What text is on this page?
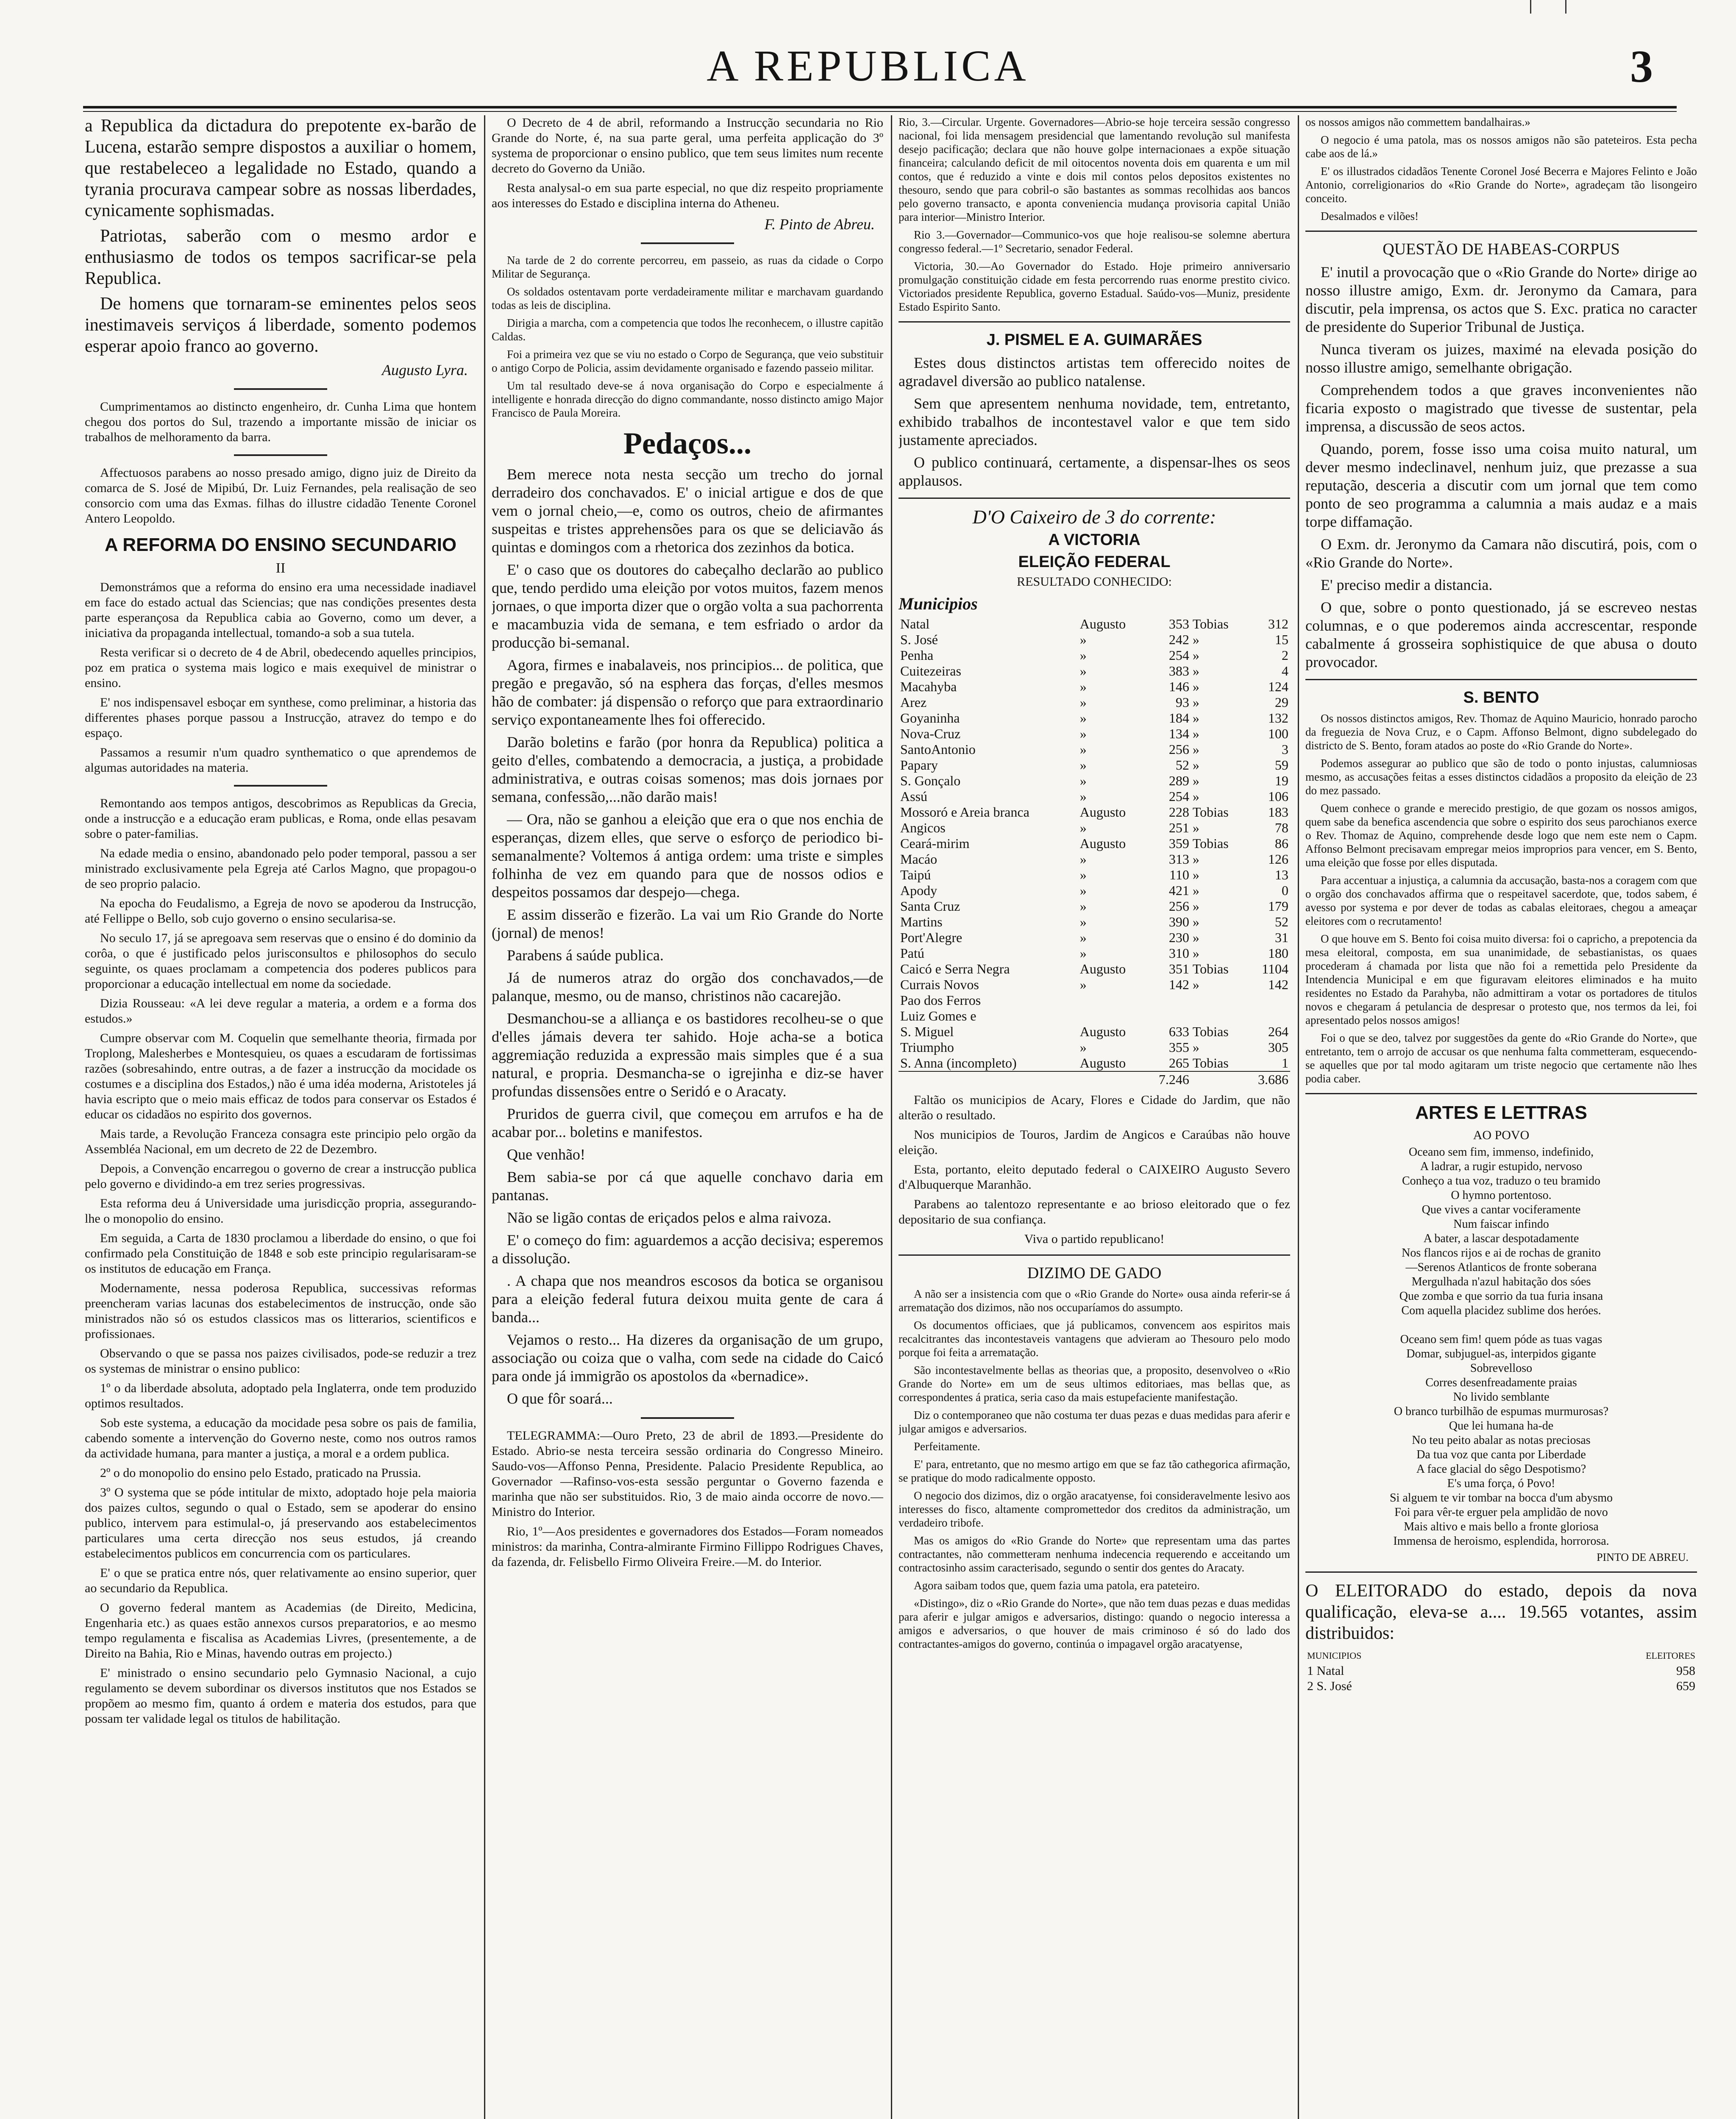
A REPUBLICA	3

a Republica da dictadura do prepotente ex-barão de Lucena, estarão sempre dispostos a auxiliar o homem, que restabeleceo a legalidade no Estado, quando a tyrania procurava campear sobre as nossas liberdades, cynicamente sophismadas.

Patriotas, saberão com o mesmo ardor e enthusiasmo de todos os tempos sacrificar-se pela Republica.

De homens que tornaram-se eminentes pelos seos inestimaveis serviços á liberdade, somento podemos esperar apoio franco ao governo.

Augusto Lyra.

Cumprimentamos ao distincto engenheiro, dr. Cunha Lima que hontem chegou dos portos do Sul, trazendo a importante missão de iniciar os trabalhos de melhoramento da barra.

Affectuosos parabens ao nosso presado amigo, digno juiz de Direito da comarca de S. José de Mipibú, Dr. Luiz Fernandes, pela realisação de seo consorcio com uma das Exmas. filhas do illustre cidadão Tenente Coronel Antero Leopoldo.

A REFORMA DO ENSINO SECUNDARIO
II

Demonstrámos que a reforma do ensino era uma necessidade inadiavel em face do estado actual das Sciencias; que nas condições presentes desta parte esperançosa da Republica cabia ao Governo, como um dever, a iniciativa da propaganda intellectual, tomando-a sob a sua tutela.

Resta verificar si o decreto de 4 de Abril, obedecendo aquelles principios, poz em pratica o systema mais logico e mais exequivel de ministrar o ensino.

E' nos indispensavel esboçar em synthese, como preliminar, a historia das differentes phases porque passou a Instrucção, atravez do tempo e do espaço.

Passamos a resumir n'um quadro synthematico o que aprendemos de algumas autoridades na materia.

Remontando aos tempos antigos, descobrimos as Republicas da Grecia, onde a instrucção e a educação eram publicas, e Roma, onde ellas pesavam sobre o pater-familias.

Na edade media o ensino, abandonado pelo poder temporal, passou a ser ministrado exclusivamente pela Egreja até Carlos Magno, que propagou-o de seo proprio palacio.

Na epocha do Feudalismo, a Egreja de novo se apoderou da Instrucção, até Fellippe o Bello, sob cujo governo o ensino secularisa-se.

No seculo 17, já se apregoava sem reservas que o ensino é do dominio da corôa, o que é justificado pelos jurisconsultos e philosophos do seculo seguinte, os quaes proclamam a competencia dos poderes publicos para proporcionar a educação intellectual em nome da sociedade.

Dizia Rousseau: «A lei deve regular a materia, a ordem e a forma dos estudos.»

Cumpre observar com M. Coquelin que semelhante theoria, firmada por Troplong, Malesherbes e Montesquieu, os quaes a escudaram de fortissimas razões (sobresahindo, entre outras, a de fazer a instrucção da mocidade os costumes e a disciplina dos Estados,) não é uma idéa moderna, Aristoteles já havia escripto que o meio mais efficaz de todos para conservar os Estados é educar os cidadãos no espirito dos governos.

Mais tarde, a Revolução Franceza consagra este principio pelo orgão da Assembléa Nacional, em um decreto de 22 de Dezembro.

Depois, a Convenção encarregou o governo de crear a instrucção publica pelo governo e dividindo-a em trez series progressivas.

Esta reforma deu á Universidade uma jurisdicção propria, assegurando-lhe o monopolio do ensino.

Em seguida, a Carta de 1830 proclamou a liberdade do ensino, o que foi confirmado pela Constituição de 1848 e sob este principio regularisaram-se os institutos de educação em França.

Modernamente, nessa poderosa Republica, successivas reformas preencheram varias lacunas dos estabelecimentos de instrucção, onde são ministrados não só os estudos classicos mas os litterarios, scientificos e profissionaes.

Observando o que se passa nos paizes civilisados, pode-se reduzir a trez os systemas de ministrar o ensino publico:

1º o da liberdade absoluta, adoptado pela Inglaterra, onde tem produzido optimos resultados.

Sob este systema, a educação da mocidade pesa sobre os pais de familia, cabendo somente a intervenção do Governo neste, como nos outros ramos da actividade humana, para manter a justiça, a moral e a ordem publica.

2º o do monopolio do ensino pelo Estado, praticado na Prussia.

3º O systema que se póde intitular de mixto, adoptado hoje pela maioria dos paizes cultos, segundo o qual o Estado, sem se apoderar do ensino publico, intervem para estimulal-o, já preservando aos estabelecimentos particulares uma certa direcção nos seus estudos, já creando estabelecimentos publicos em concurrencia com os particulares.

E' o que se pratica entre nós, quer relativamente ao ensino superior, quer ao secundario da Republica.

O governo federal mantem as Academias (de Direito, Medicina, Engenharia etc.) as quaes estão annexos cursos preparatorios, e ao mesmo tempo regulamenta e fiscalisa as Academias Livres, (presentemente, a de Direito na Bahia, Rio e Minas, havendo outras em projecto.)

E' ministrado o ensino secundario pelo Gymnasio Nacional, a cujo regulamento se devem subordinar os diversos institutos que nos Estados se propõem ao mesmo fim, quanto á ordem e materia dos estudos, para que possam ter validade legal os titulos de habilitação.

O Decreto de 4 de abril, reformando a Instrucção secundaria no Rio Grande do Norte, é, na sua parte geral, uma perfeita applicação do 3º systema de proporcionar o ensino publico, que tem seus limites num recente decreto do Governo da União.

Resta analysal-o em sua parte especial, no que diz respeito propriamente aos interesses do Estado e disciplina interna do Atheneu.

F. Pinto de Abreu.

Na tarde de 2 do corrente percorreu, em passeio, as ruas da cidade o Corpo Militar de Segurança.

Os soldados ostentavam porte verdadeiramente militar e marchavam guardando todas as leis de disciplina.

Dirigia a marcha, com a competencia que todos lhe reconhecem, o illustre capitão Caldas.

Foi a primeira vez que se viu no estado o Corpo de Segurança, que veio substituir o antigo Corpo de Policia, assim devidamente organisado e fazendo passeio militar.

Um tal resultado deve-se á nova organisação do Corpo e especialmente á intelligente e honrada direcção do digno commandante, nosso distincto amigo Major Francisco de Paula Moreira.

Pedaços...

Bem merece nota nesta secção um trecho do jornal derradeiro dos conchavados. E' o inicial artigue e dos de que vem o jornal cheio,—e, como os outros, cheio de afirmantes suspeitas e tristes apprehensões para os que se deliciavão ás quintas e domingos com a rhetorica dos zezinhos da botica.

E' o caso que os doutores do cabeçalho declarão ao publico que, tendo perdido uma eleição por votos muitos, fazem menos jornaes, o que importa dizer que o orgão volta a sua pachorrenta e macambuzia vida de semana, e tem esfriado o ardor da producção bi-semanal.

Agora, firmes e inabalaveis, nos principios... de politica, que pregão e pregavão, só na esphera das forças, d'elles mesmos hão de combater: já dispensão o reforço que para extraordinario serviço expontaneamente lhes foi offerecido.

Darão boletins e farão (por honra da Republica) politica a geito d'elles, combatendo a democracia, a justiça, a probidade administrativa, e outras coisas somenos; mas dois jornaes por semana, confessão,...não darão mais!

— Ora, não se ganhou a eleição que era o que nos enchia de esperanças, dizem elles, que serve o esforço de periodico bi-semanalmente? Voltemos á antiga ordem: uma triste e simples folhinha de vez em quando para que de nossos odios e despeitos possamos dar despejo—chega.

E assim disserão e fizerão. La vai um Rio Grande do Norte (jornal) de menos!

Parabens á saúde publica.

Já de numeros atraz do orgão dos conchavados,—de palanque, mesmo, ou de manso, christinos não cacarejão.

Desmanchou-se a alliança e os bastidores recolheu-se o que d'elles jámais devera ter sahido. Hoje acha-se a botica aggremiação reduzida a expressão mais simples que é a sua natural, e propria. Desmancha-se o igrejinha e diz-se haver profundas dissensões entre o Seridó e o Aracaty.

Pruridos de guerra civil, que começou em arrufos e ha de acabar por... boletins e manifestos.

Que venhão!

Bem sabia-se por cá que aquelle conchavo daria em pantanas.

Não se ligão contas de eriçados pelos e alma raivoza.

E' o começo do fim: aguardemos a acção decisiva; esperemos a dissolução.

. A chapa que nos meandros escosos da botica se organisou para a eleição federal futura deixou muita gente de cara á banda...

Vejamos o resto... Ha dizeres da organisação de um grupo, associação ou coiza que o valha, com sede na cidade do Caicó para onde já immigrão os apostolos da «bernadice».

O que fôr soará...

TELEGRAMMA:—Ouro Preto, 23 de abril de 1893.—Presidente do Estado. Abrio-se nesta terceira sessão ordinaria do Congresso Mineiro. Saudo-vos—Affonso Penna, Presidente. Palacio Presidente Republica, ao Governador —Rafinso-vos-esta sessão perguntar o Governo fazenda e marinha que não ser substituidos. Rio, 3 de maio ainda occorre de novo.—Ministro do Interior.

Rio, 1º—Aos presidentes e governadores dos Estados—Foram nomeados ministros: da marinha, Contra-almirante Firmino Fillippo Rodrigues Chaves, da fazenda, dr. Felisbello Firmo Oliveira Freire.—M. do Interior.

Rio, 3.—Circular. Urgente. Governadores—Abrio-se hoje terceira sessão congresso nacional, foi lida mensagem presidencial que lamentando revolução sul manifesta desejo pacificação; declara que não houve golpe internacionaes a expõe situação financeira; calculando deficit de mil oitocentos noventa dois em quarenta e um mil contos, que é reduzido a vinte e dois mil contos pelos depositos existentes no thesouro, sendo que para cobril-o são bastantes as sommas recolhidas aos bancos pelo governo transacto, e aponta conveniencia mudança provisoria capital União para interior—Ministro Interior.

Rio 3.—Governador—Communico-vos que hoje realisou-se solemne abertura congresso federal.—1º Secretario, senador Federal.

Victoria, 30.—Ao Governador do Estado. Hoje primeiro anniversario promulgação constituição cidade em festa percorrendo ruas enorme prestito civico. Victoriados presidente Republica, governo Estadual. Saúdo-vos—Muniz, presidente Estado Espirito Santo.

J. PISMEL E A. GUIMARÃES

Estes dous distinctos artistas tem offerecido noites de agradavel diversão ao publico natalense.

Sem que apresentem nenhuma novidade, tem, entretanto, exhibido trabalhos de incontestavel valor e que tem sido justamente apreciados.

O publico continuará, certamente, a dispensar-lhes os seos applausos.

D'O Caixeiro de 3 do corrente:
A VICTORIA
ELEIÇÃO FEDERAL
RESULTADO CONHECIDO:
Municipios
Natal	Augusto	353	Tobias	312
S. José	»	242	»	15
Penha	»	254	»	2
Cuitezeiras	»	383	»	4
Macahyba	»	146	»	124
Arez	»	93	»	29
Goyaninha	»	184	»	132
Nova-Cruz	»	134	»	100
SantoAntonio	»	256	»	3
Papary	»	52	»	59
S. Gonçalo	»	289	»	19
Assú	»	254	»	106
Mossoró e Areia branca	Augusto	228	Tobias	183
Angicos	»	251	»	78
Ceará-mirim	Augusto	359	Tobias	86
Macáo	»	313	»	126
Taipú	»	110	»	13
Apody	»	421	»	0
Santa Cruz	»	256	»	179
Martins	»	390	»	52
Port'Alegre	»	230	»	31
Patú	»	310	»	180
Caicó e Serra Negra	Augusto	351	Tobias	1104
Currais Novos	»	142	»	142
Pao dos Ferros				
Luiz Gomes e				
S. Miguel	Augusto	633	Tobias	264
Triumpho	»	355	»	305
S. Anna (incompleto)	Augusto	265	Tobias	1
		7.246		3.686

Faltão os municipios de Acary, Flores e Cidade do Jardim, que não alterão o resultado.

Nos municipios de Touros, Jardim de Angicos e Caraúbas não houve eleição.

Esta, portanto, eleito deputado federal o CAIXEIRO Augusto Severo d'Albuquerque Maranhão.

Parabens ao talentozo representante e ao brioso eleitorado que o fez depositario de sua confiança.

Viva o partido republicano!
DIZIMO DE GADO

A não ser a insistencia com que o «Rio Grande do Norte» ousa ainda referir-se á arrematação dos dizimos, não nos occuparíamos do assumpto.

Os documentos officiaes, que já publicamos, convencem aos espiritos mais recalcitrantes das incontestaveis vantagens que advieram ao Thesouro pelo modo porque foi feita a arrematação.

São incontestavelmente bellas as theorias que, a proposito, desenvolveo o «Rio Grande do Norte» em um de seus ultimos editoriaes, mas bellas que, as correspondentes á pratica, seria caso da mais estupefaciente manifestação.

Diz o contemporaneo que não costuma ter duas pezas e duas medidas para aferir e julgar amigos e adversarios.

Perfeitamente.

E' para, entretanto, que no mesmo artigo em que se faz tão cathegorica afirmação, se pratique do modo radicalmente opposto.

O negocio dos dizimos, diz o orgão aracatyense, foi consideravelmente lesivo aos interesses do fisco, altamente compromettedor dos creditos da administração, um verdadeiro tribofe.

Mas os amigos do «Rio Grande do Norte» que representam uma das partes contractantes, não commetteram nenhuma indecencia requerendo e acceitando um contractosinho assim caracterisado, segundo o sentir dos gentes do Aracaty.

Agora saibam todos que, quem fazia uma patola, era pateteiro.

«Distingo», diz o «Rio Grande do Norte», que não tem duas pezas e duas medidas para aferir e julgar amigos e adversarios, distingo: quando o negocio interessa a amigos e adversarios, o que houver de mais criminoso é só do lado dos contractantes-amigos do governo, continúa o impagavel orgão aracatyense,

os nossos amigos não commettem bandalhairas.»

O negocio é uma patola, mas os nossos amigos não são pateteiros. Esta pecha cabe aos de lá.»

E' os illustrados cidadãos Tenente Coronel José Becerra e Majores Felinto e João Antonio, correligionarios do «Rio Grande do Norte», agradeçam tão lisongeiro conceito.

Desalmados e vilões!

QUESTÃO DE HABEAS-CORPUS

E' inutil a provocação que o «Rio Grande do Norte» dirige ao nosso illustre amigo, Exm. dr. Jeronymo da Camara, para discutir, pela imprensa, os actos que S. Exc. pratica no caracter de presidente do Superior Tribunal de Justiça.

Nunca tiveram os juizes, maximé na elevada posição do nosso illustre amigo, semelhante obrigação.

Comprehendem todos a que graves inconvenientes não ficaria exposto o magistrado que tivesse de sustentar, pela imprensa, a discussão de seos actos.

Quando, porem, fosse isso uma coisa muito natural, um dever mesmo indeclinavel, nenhum juiz, que prezasse a sua reputação, desceria a discutir com um jornal que tem como ponto de seo programma a calumnia a mais audaz e a mais torpe diffamação.

O Exm. dr. Jeronymo da Camara não discutirá, pois, com o «Rio Grande do Norte».

E' preciso medir a distancia.

O que, sobre o ponto questionado, já se escreveo nestas columnas, e o que poderemos ainda accrescentar, responde cabalmente á grosseira sophistiquice de que abusa o douto provocador.

S. BENTO

Os nossos distinctos amigos, Rev. Thomaz de Aquino Mauricio, honrado parocho da freguezia de Nova Cruz, e o Capm. Affonso Belmont, digno subdelegado do districto de S. Bento, foram atados ao poste do «Rio Grande do Norte».

Podemos assegurar ao publico que são de todo o ponto injustas, calumniosas mesmo, as accusações feitas a esses distinctos cidadãos a proposito da eleição de 23 do mez passado.

Quem conhece o grande e merecido prestigio, de que gozam os nossos amigos, quem sabe da benefica ascendencia que sobre o espirito dos seus parochianos exerce o Rev. Thomaz de Aquino, comprehende desde logo que nem este nem o Capm. Affonso Belmont precisavam empregar meios improprios para vencer, em S. Bento, uma eleição que fosse por elles disputada.

Para accentuar a injustiça, a calumnia da accusação, basta-nos a coragem com que o orgão dos conchavados affirma que o respeitavel sacerdote, que, todos sabem, é avesso por systema e por dever de todas as cabalas eleitoraes, chegou a ameaçar eleitores com o recrutamento!

O que houve em S. Bento foi coisa muito diversa: foi o capricho, a prepotencia da mesa eleitoral, composta, em sua unanimidade, de sebastianistas, os quaes procederam á chamada por lista que não foi a remettida pelo Presidente da Intendencia Municipal e em que figuravam eleitores eliminados e ha muito residentes no Estado da Parahyba, não admittiram a votar os portadores de titulos novos e chegaram á petulancia de despresar o protesto que, nos termos da lei, foi apresentado pelos nossos amigos!

Foi o que se deo, talvez por suggestões da gente do «Rio Grande do Norte», que entretanto, tem o arrojo de accusar os que nenhuma falta commetteram, esquecendo-se aquelles que por tal modo agitaram um triste negocio que certamente não lhes podia caber.

ARTES E LETTRAS
AO POVO

Oceano sem fim, immenso, indefinido,

A ladrar, a rugir estupido, nervoso

Conheço a tua voz, traduzo o teu bramido

O hymno portentoso.

Que vives a cantar vociferamente

Num faiscar infindo

A bater, a lascar despotadamente

Nos flancos rijos e ai de rochas de granito

—Serenos Atlanticos de fronte soberana

Mergulhada n'azul habitação dos sóes

Que zomba e que sorrio da tua furia insana

Com aquella placidez sublime dos heróes.

Oceano sem fim! quem póde as tuas vagas

Domar, subjuguel-as, interpidos gigante

Sobrevelloso

Corres desenfreadamente praias

No livido semblante

O branco turbilhão de espumas murmurosas?

Que lei humana ha-de

No teu peito abalar as notas preciosas

Da tua voz que canta por Liberdade

A face glacial do sêgo Despotismo?

E's uma força, ó Povo!

Si alguem te vir tombar na bocca d'um abysmo

Foi para vêr-te erguer pela amplidão de novo

Mais altivo e mais bello a fronte gloriosa

Immensa de heroismo, esplendida, horrorosa.

PINTO DE ABREU.

O ELEITORADO do estado, depois da nova qualificação, eleva-se a.... 19.565 votantes, assim distribuidos:

MUNICIPIOS	ELEITORES
1 Natal	958
2 S. José	659
